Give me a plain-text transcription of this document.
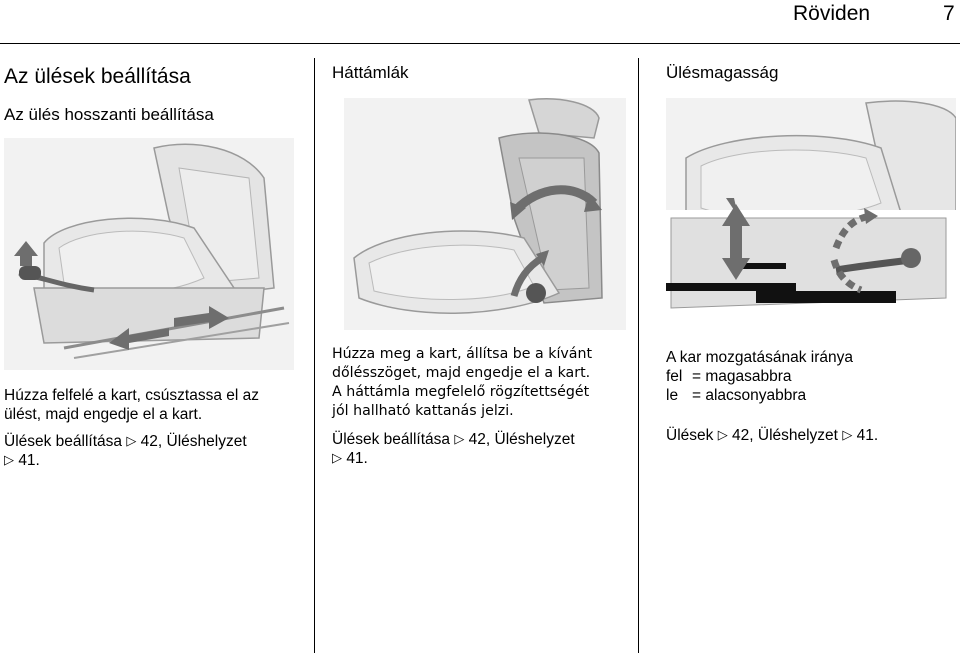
Röviden	7
Az ülések beállítása
Az ülés hosszanti beállítása
Húzza felfelé a kart, csúsztassa el az
ülést, majd engedje el a kart.
Ülések beállítása ▷ 42, Üléshelyzet
▷ 41.
Háttámlák
Húzza meg a kart, állítsa be a kívánt
dőlésszöget, majd engedje el a kart.
A háttámla megfelelő rögzítettségét
jól hallható kattanás jelzi.
Ülések beállítása ▷ 42, Üléshelyzet
▷ 41.
Ülésmagasság
A kar mozgatásának iránya
fel = magasabbra
le = alacsonyabbra
Ülések ▷ 42, Üléshelyzet ▷ 41.
